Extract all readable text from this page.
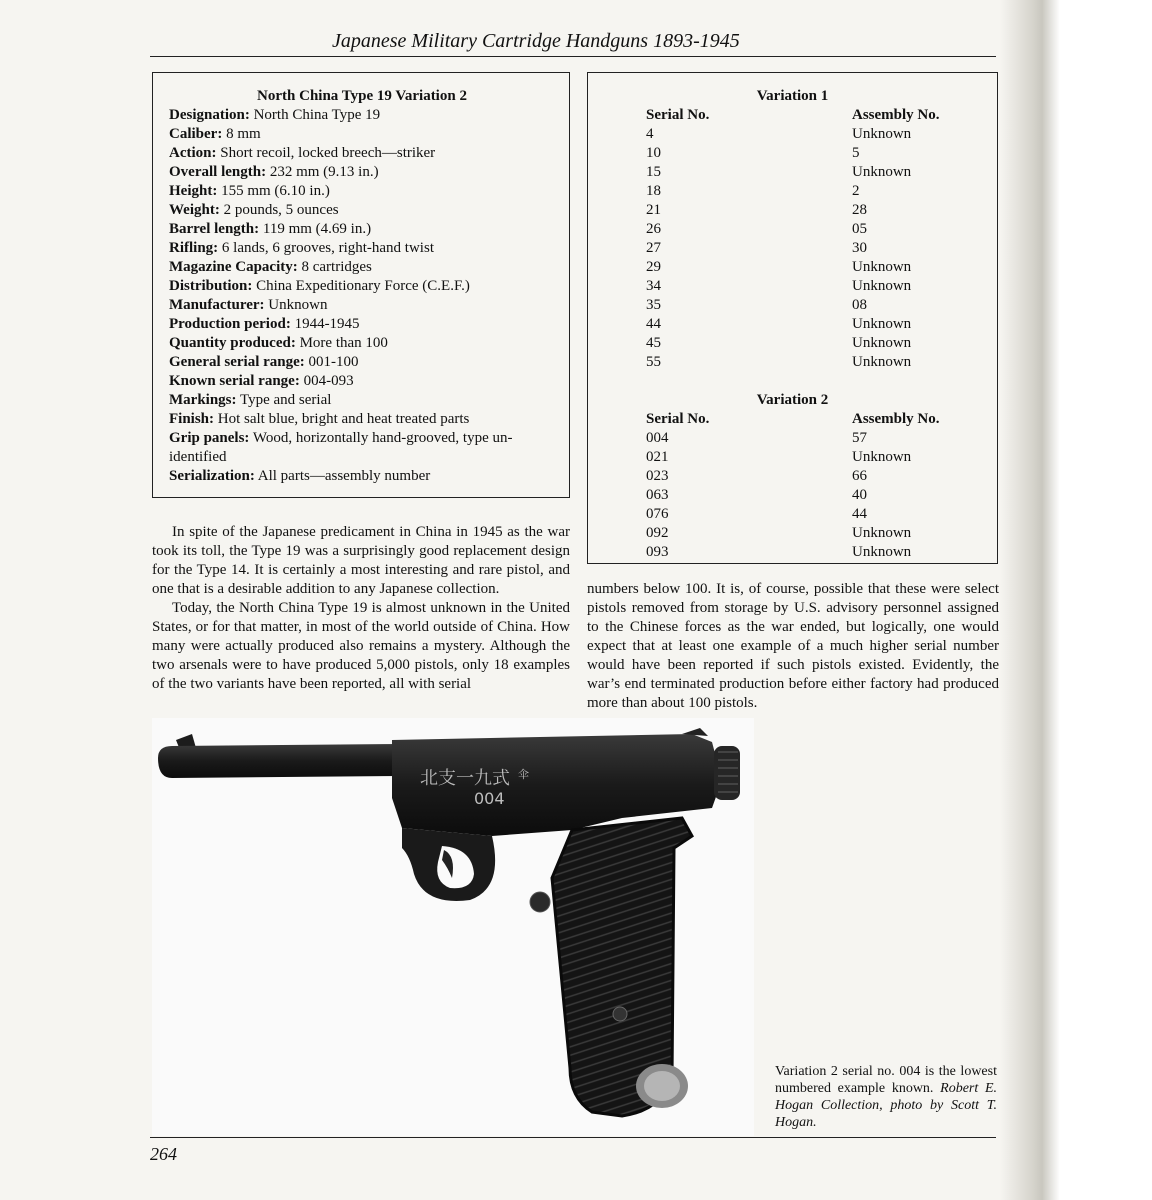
Japanese Military Cartridge Handguns 1893-1945
North China Type 19 Variation 2
Designation: North China Type 19
Caliber: 8 mm
Action: Short recoil, locked breech—striker
Overall length: 232 mm (9.13 in.)
Height: 155 mm (6.10 in.)
Weight: 2 pounds, 5 ounces
Barrel length: 119 mm (4.69 in.)
Rifling: 6 lands, 6 grooves, right-hand twist
Magazine Capacity: 8 cartridges
Distribution: China Expeditionary Force (C.E.F.)
Manufacturer: Unknown
Production period: 1944-1945
Quantity produced: More than 100
General serial range: 001-100
Known serial range: 004-093
Markings: Type and serial
Finish: Hot salt blue, bright and heat treated parts
Grip panels: Wood, horizontally hand-grooved, type un-identified
Serialization: All parts—assembly number
Variation 1
Serial No.	Assembly No.
4	Unknown
10	5
15	Unknown
18	2
21	28
26	05
27	30
29	Unknown
34	Unknown
35	08
44	Unknown
45	Unknown
55	Unknown
Variation 2
Serial No.	Assembly No.
004	57
021	Unknown
023	66
063	40
076	44
092	Unknown
093	Unknown

In spite of the Japanese predicament in China in 1945 as the war took its toll, the Type 19 was a surprisingly good replacement design for the Type 14. It is certainly a most interesting and rare pistol, and one that is a desirable addition to any Japanese collection.

Today, the North China Type 19 is almost unknown in the United States, or for that matter, in most of the world outside of China. How many were actually produced also remains a mystery. Although the two arsenals were to have produced 5,000 pistols, only 18 examples of the two variants have been reported, all with serial

numbers below 100. It is, of course, possible that these were select pistols removed from storage by U.S. advisory personnel assigned to the Chinese forces as the war ended, but logically, one would expect that at least one example of a much higher serial number would have been reported if such pistols existed. Evidently, the war’s end terminated production before either factory had produced more than about 100 pistols.

北支一九式 伞
004
Variation 2 serial no. 004 is the lowest numbered example known. Robert E. Hogan Collection, photo by Scott T. Hogan.
264
